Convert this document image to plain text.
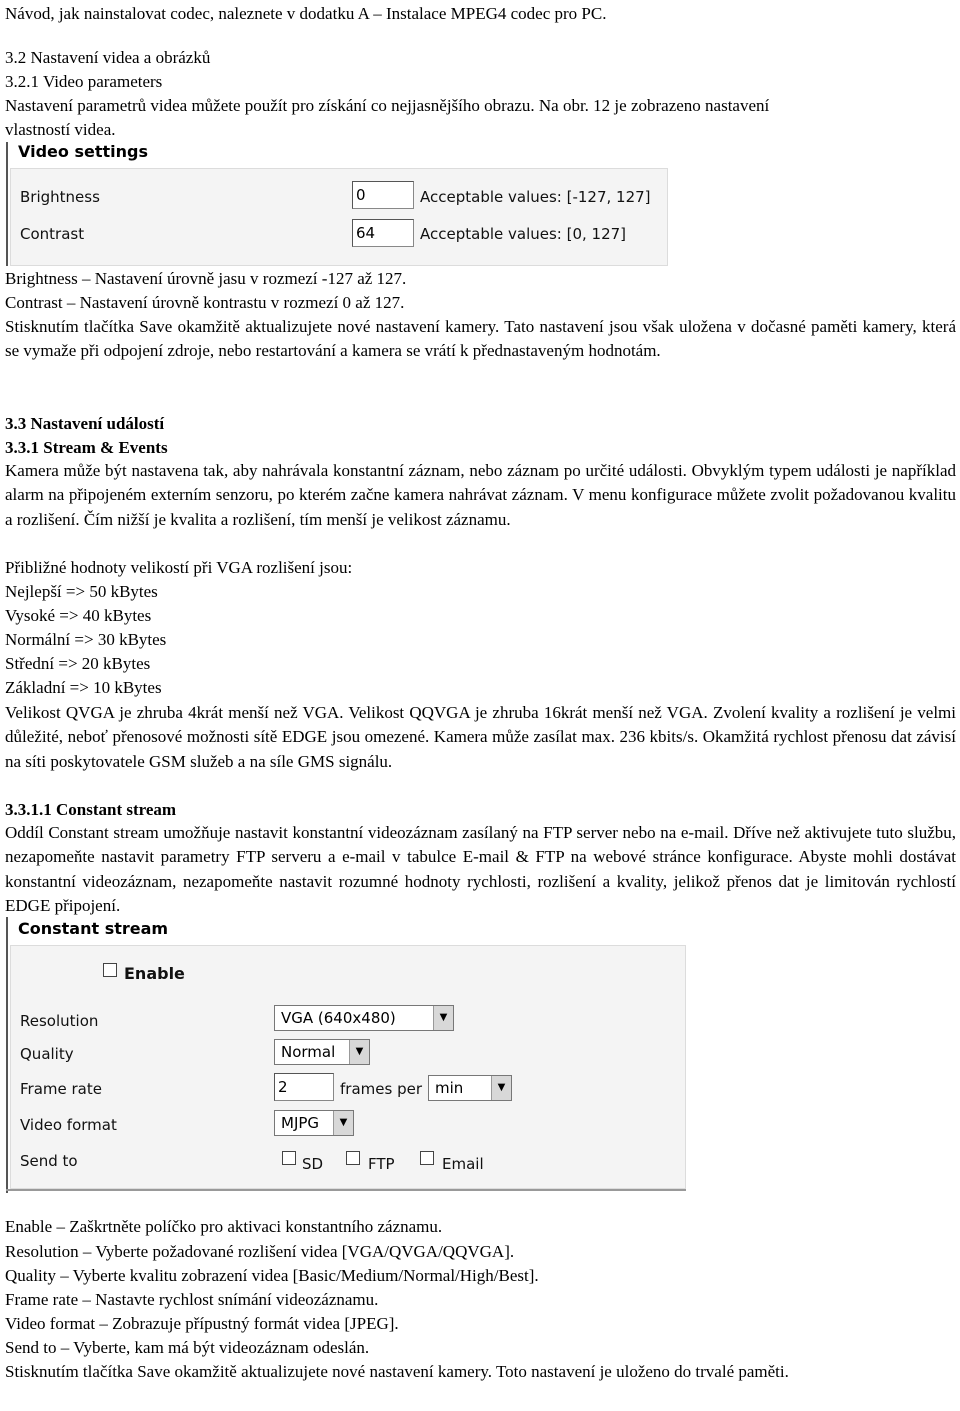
Návod, jak nainstalovat codec, naleznete v dodatku A – Instalace MPEG4 codec pro PC.
3.2 Nastavení videa a obrázků
3.2.1 Video parameters
Nastavení parametrů videa můžete použít pro získání co nejjasnějšího obrazu. Na obr. 12 je zobrazeno nastavení
vlastností videa.
Video settings
Brightness	0	Acceptable values: [-127, 127]
Contrast	64	Acceptable values: [0, 127]
Brightness – Nastavení úrovně jasu v rozmezí -127 až 127.
Contrast – Nastavení úrovně kontrastu v rozmezí 0 až 127.
Stisknutím tlačítka Save okamžitě aktualizujete nové nastavení kamery. Tato nastavení jsou však uložena v dočasné paměti kamery, která se vymaže při odpojení zdroje, nebo restartování a kamera se vrátí k přednastaveným hodnotám.
3.3 Nastavení událostí
3.3.1 Stream & Events
Kamera může být nastavena tak, aby nahrávala konstantní záznam, nebo záznam po určité události. Obvyklým typem události je například alarm na připojeném externím senzoru, po kterém začne kamera nahrávat záznam. V menu konfigurace můžete zvolit požadovanou kvalitu a rozlišení. Čím nižší je kvalita a rozlišení, tím menší je velikost záznamu.
Přibližné hodnoty velikostí při VGA rozlišení jsou:
Nejlepší => 50 kBytes
Vysoké => 40 kBytes
Normální => 30 kBytes
Střední => 20 kBytes
Základní => 10 kBytes
Velikost QVGA je zhruba 4krát menší než VGA. Velikost QQVGA je zhruba 16krát menší než VGA. Zvolení kvality a rozlišení je velmi důležité, neboť přenosové možnosti sítě EDGE jsou omezené. Kamera může zasílat max. 236 kbits/s. Okamžitá rychlost přenosu dat závisí na síti poskytovatele GSM služeb a na síle GMS signálu.
3.3.1.1 Constant stream
Oddíl Constant stream umožňuje nastavit konstantní videozáznam zasílaný na FTP server nebo na e-mail. Dříve než aktivujete tuto službu, nezapomeňte nastavit parametry FTP serveru a e-mail v tabulce E-mail & FTP na webové stránce konfigurace. Abyste mohli dostávat konstantní videozáznam, nezapomeňte nastavit rozumné hodnoty rychlosti, rozlišení a kvality, jelikož přenos dat je limitován rychlostí EDGE připojení.
Constant stream
Enable
Resolution	VGA (640x480)	▼
Quality	Normal	▼
Frame rate	2	frames per min	▼
Video format	MJPG	▼
Send to	SD	FTP	Email
Enable – Zaškrtněte políčko pro aktivaci konstantního záznamu.
Resolution – Vyberte požadované rozlišení videa [VGA/QVGA/QQVGA].
Quality – Vyberte kvalitu zobrazení videa [Basic/Medium/Normal/High/Best].
Frame rate – Nastavte rychlost snímání videozáznamu.
Video format – Zobrazuje přípustný formát videa [JPEG].
Send to – Vyberte, kam má být videozáznam odeslán.
Stisknutím tlačítka Save okamžitě aktualizujete nové nastavení kamery. Toto nastavení je uloženo do trvalé paměti.
